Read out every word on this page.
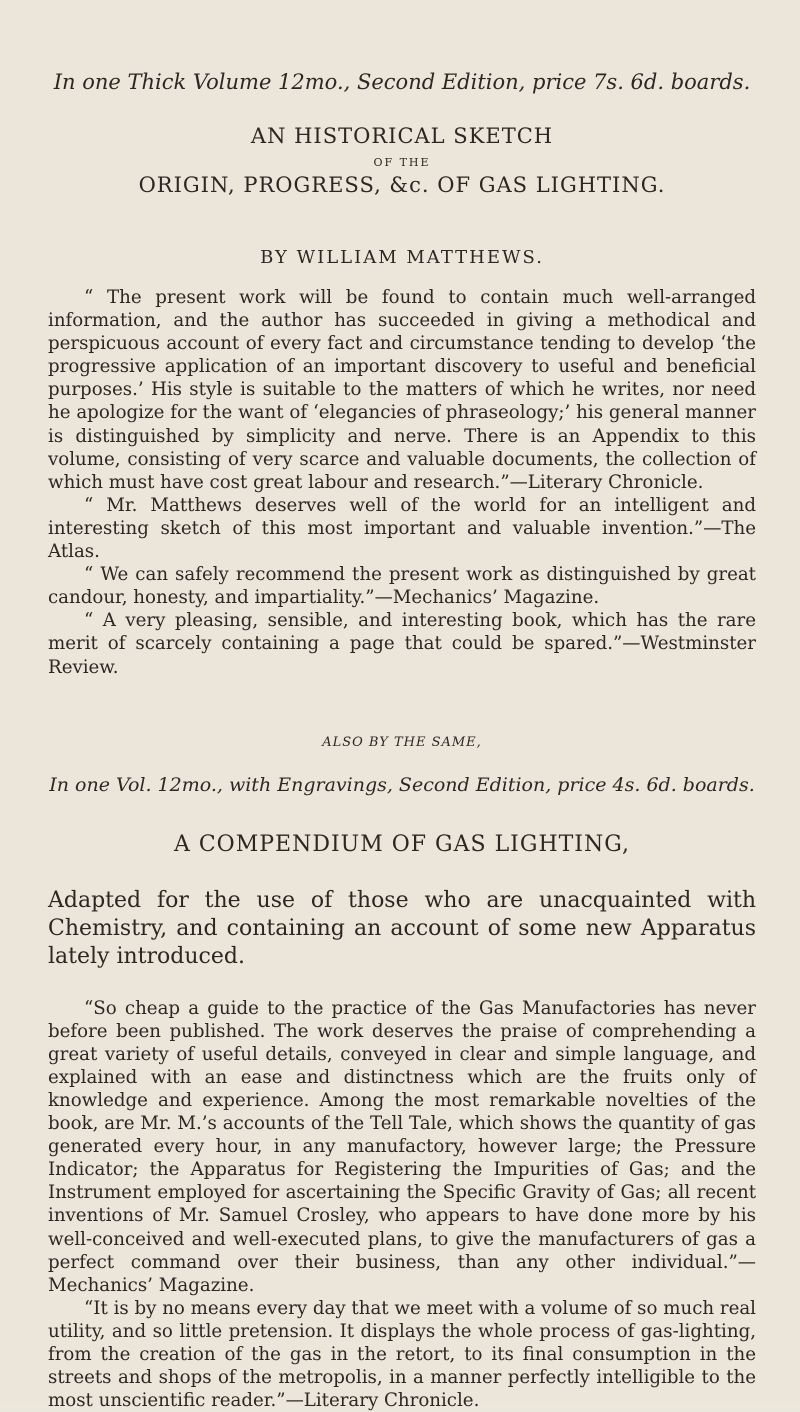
In one Thick Volume 12mo., Second Edition, price 7s. 6d. boards.
AN HISTORICAL SKETCH
OF THE
ORIGIN, PROGRESS, &c. OF GAS LIGHTING.
BY WILLIAM MATTHEWS.

“ The present work will be found to contain much well-arranged information, and the author has succeeded in giving a methodical and perspicuous account of every fact and circumstance tending to develop ‘the progressive application of an important discovery to useful and beneficial purposes.’ His style is suitable to the matters of which he writes, nor need he apologize for the want of ‘elegancies of phraseology;’ his general manner is distinguished by simplicity and nerve. There is an Appendix to this volume, consisting of very scarce and valuable documents, the collection of which must have cost great labour and research.”—Literary Chronicle.

“ Mr. Matthews deserves well of the world for an intelligent and interesting sketch of this most important and valuable invention.”—The Atlas.

“ We can safely recommend the present work as distinguished by great candour, honesty, and impartiality.”—Mechanics’ Magazine.

“ A very pleasing, sensible, and interesting book, which has the rare merit of scarcely containing a page that could be spared.”—Westminster Review.

ALSO BY THE SAME,
In one Vol. 12mo., with Engravings, Second Edition, price 4s. 6d. boards.
A COMPENDIUM OF GAS LIGHTING,

Adapted for the use of those who are unacquainted with Chemistry, and containing an account of some new Apparatus lately introduced.

“So cheap a guide to the practice of the Gas Manufactories has never before been published. The work deserves the praise of comprehending a great variety of useful details, conveyed in clear and simple language, and explained with an ease and distinctness which are the fruits only of knowledge and experience. Among the most remarkable novelties of the book, are Mr. M.’s accounts of the Tell Tale, which shows the quantity of gas generated every hour, in any manufactory, however large; the Pressure Indicator; the Apparatus for Registering the Impurities of Gas; and the Instrument employed for ascertaining the Specific Gravity of Gas; all recent inventions of Mr. Samuel Crosley, who appears to have done more by his well-conceived and well-executed plans, to give the manufacturers of gas a perfect command over their business, than any other individual.”—Mechanics’ Magazine.

“It is by no means every day that we meet with a volume of so much real utility, and so little pretension. It displays the whole process of gas-lighting, from the creation of the gas in the retort, to its final consumption in the streets and shops of the metropolis, in a manner perfectly intelligible to the most unscientific reader.”—Literary Chronicle.
